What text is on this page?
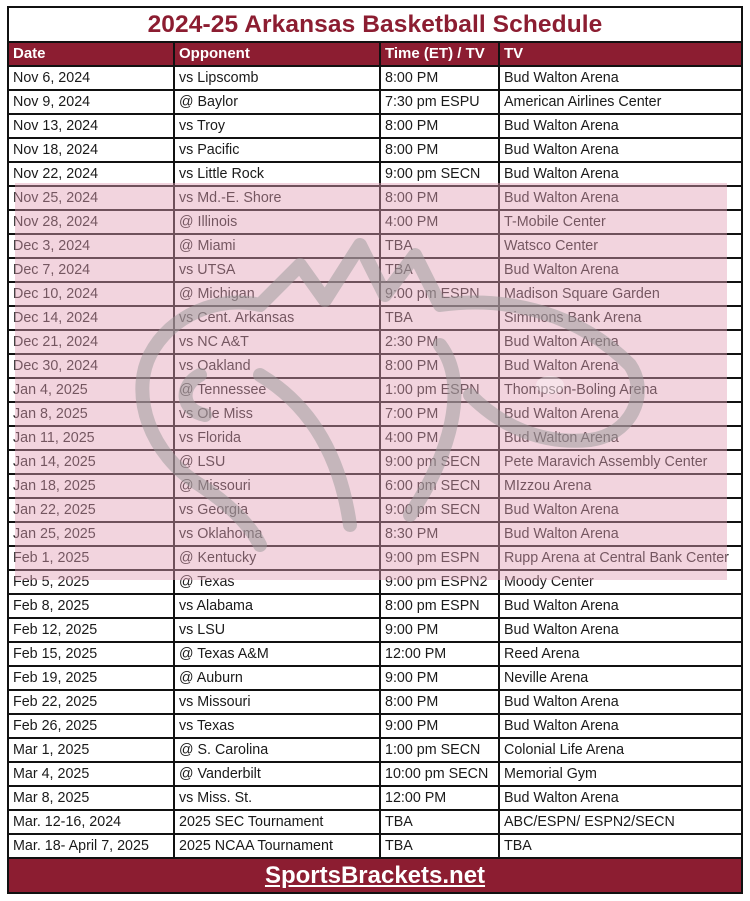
2024-25 Arkansas Basketball Schedule
Date	Opponent	Time (ET) / TV	TV
Nov 6, 2024	vs Lipscomb	8:00 PM	Bud Walton Arena
Nov 9, 2024	@ Baylor	7:30 pm ESPU	American Airlines Center
Nov 13, 2024	vs Troy	8:00 PM	Bud Walton Arena
Nov 18, 2024	vs Pacific	8:00 PM	Bud Walton Arena
Nov 22, 2024	vs Little Rock	9:00 pm SECN	Bud Walton Arena
Nov 25, 2024	vs Md.-E. Shore	8:00 PM	Bud Walton Arena
Nov 28, 2024	@ Illinois	4:00 PM	T-Mobile Center
Dec 3, 2024	@ Miami	TBA	Watsco Center
Dec 7, 2024	vs UTSA	TBA	Bud Walton Arena
Dec 10, 2024	@ Michigan	9:00 pm ESPN	Madison Square Garden
Dec 14, 2024	vs Cent. Arkansas	TBA	Simmons Bank Arena
Dec 21, 2024	vs NC A&T	2:30 PM	Bud Walton Arena
Dec 30, 2024	vs Oakland	8:00 PM	Bud Walton Arena
Jan 4, 2025	@ Tennessee	1:00 pm ESPN	Thompson-Boling Arena
Jan 8, 2025	vs Ole Miss	7:00 PM	Bud Walton Arena
Jan 11, 2025	vs Florida	4:00 PM	Bud Walton Arena
Jan 14, 2025	@ LSU	9:00 pm SECN	Pete Maravich Assembly Center
Jan 18, 2025	@ Missouri	6:00 pm SECN	MIzzou Arena
Jan 22, 2025	vs Georgia	9:00 pm SECN	Bud Walton Arena
Jan 25, 2025	vs Oklahoma	8:30 PM	Bud Walton Arena
Feb 1, 2025	@ Kentucky	9:00 pm ESPN	Rupp Arena at Central Bank Center
Feb 5, 2025	@ Texas	9:00 pm ESPN2	Moody Center
Feb 8, 2025	vs Alabama	8:00 pm ESPN	Bud Walton Arena
Feb 12, 2025	vs LSU	9:00 PM	Bud Walton Arena
Feb 15, 2025	@ Texas A&M	12:00 PM	Reed Arena
Feb 19, 2025	@ Auburn	9:00 PM	Neville Arena
Feb 22, 2025	vs Missouri	8:00 PM	Bud Walton Arena
Feb 26, 2025	vs Texas	9:00 PM	Bud Walton Arena
Mar 1, 2025	@ S. Carolina	1:00 pm SECN	Colonial Life Arena
Mar 4, 2025	@ Vanderbilt	10:00 pm SECN	Memorial Gym
Mar 8, 2025	vs Miss. St.	12:00 PM	Bud Walton Arena
Mar. 12-16, 2024	2025 SEC Tournament	TBA	ABC/ESPN/ ESPN2/SECN
Mar. 18- April 7, 2025	2025 NCAA Tournament	TBA	TBA
SportsBrackets.net
